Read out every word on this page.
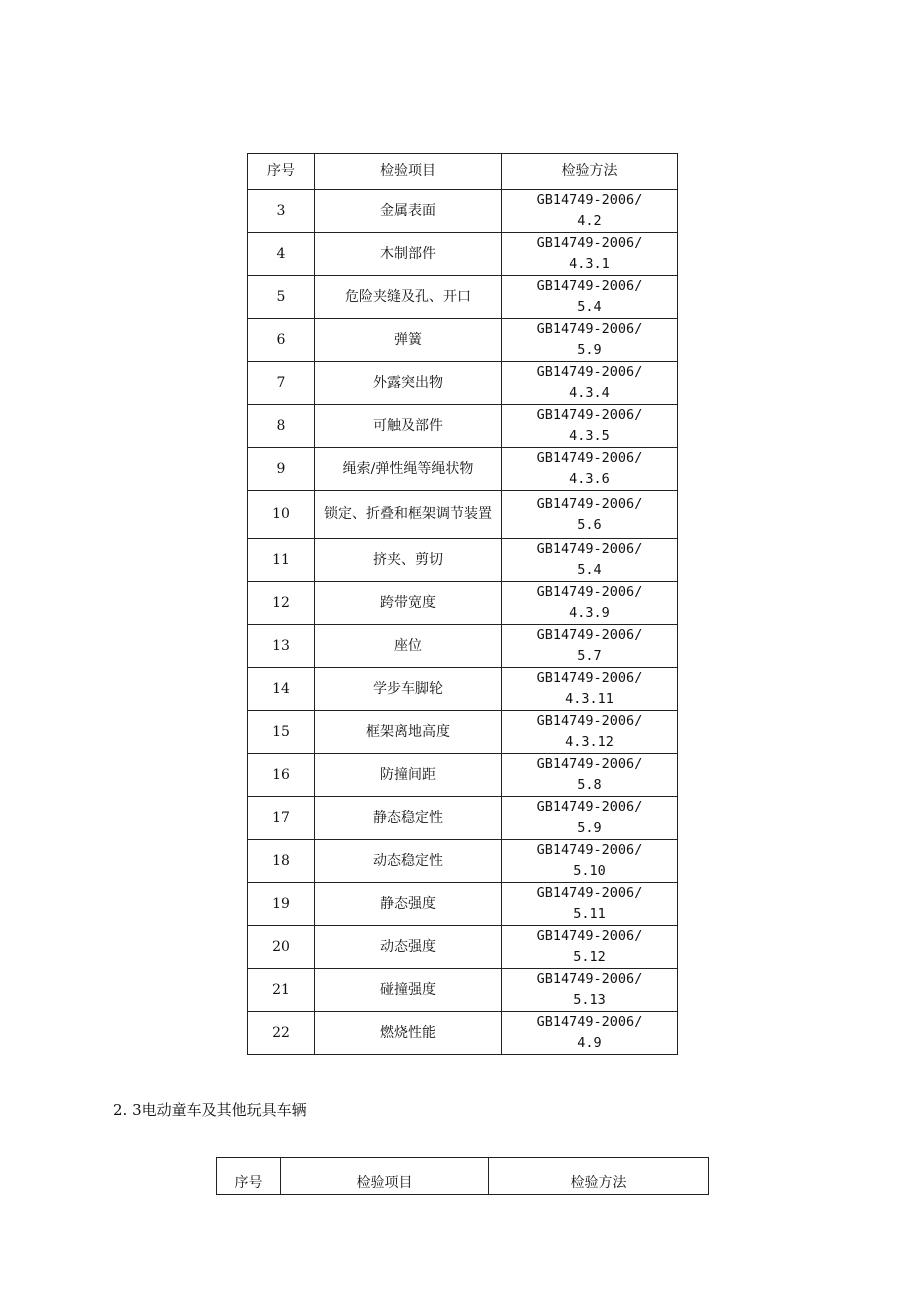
序号	检验项目	检验方法
3	金属表面	GB14749-2006/
4.2

4	木制部件	GB14749-2006/
4.3.1

5	危险夹缝及孔、开口	GB14749-2006/
5.4

6	弹簧	GB14749-2006/
5.9

7	外露突出物	GB14749-2006/
4.3.4

8	可触及部件	GB14749-2006/
4.3.5

9	绳索/弹性绳等绳状物	GB14749-2006/
4.3.6

10	锁定、折叠和框架调节装置	GB14749-2006/
5.6

11	挤夹、剪切	GB14749-2006/
5.4

12	跨带宽度	GB14749-2006/
4.3.9

13	座位	GB14749-2006/
5.7

14	学步车脚轮	GB14749-2006/
4.3.11

15	框架离地高度	GB14749-2006/
4.3.12

16	防撞间距	GB14749-2006/
5.8

17	静态稳定性	GB14749-2006/
5.9

18	动态稳定性	GB14749-2006/
5.10

19	静态强度	GB14749-2006/
5.11

20	动态强度	GB14749-2006/
5.12

21	碰撞强度	GB14749-2006/
5.13

22	燃烧性能	GB14749-2006/
4.9

2. 3电动童车及其他玩具车辆

序号	检验项目	检验方法
